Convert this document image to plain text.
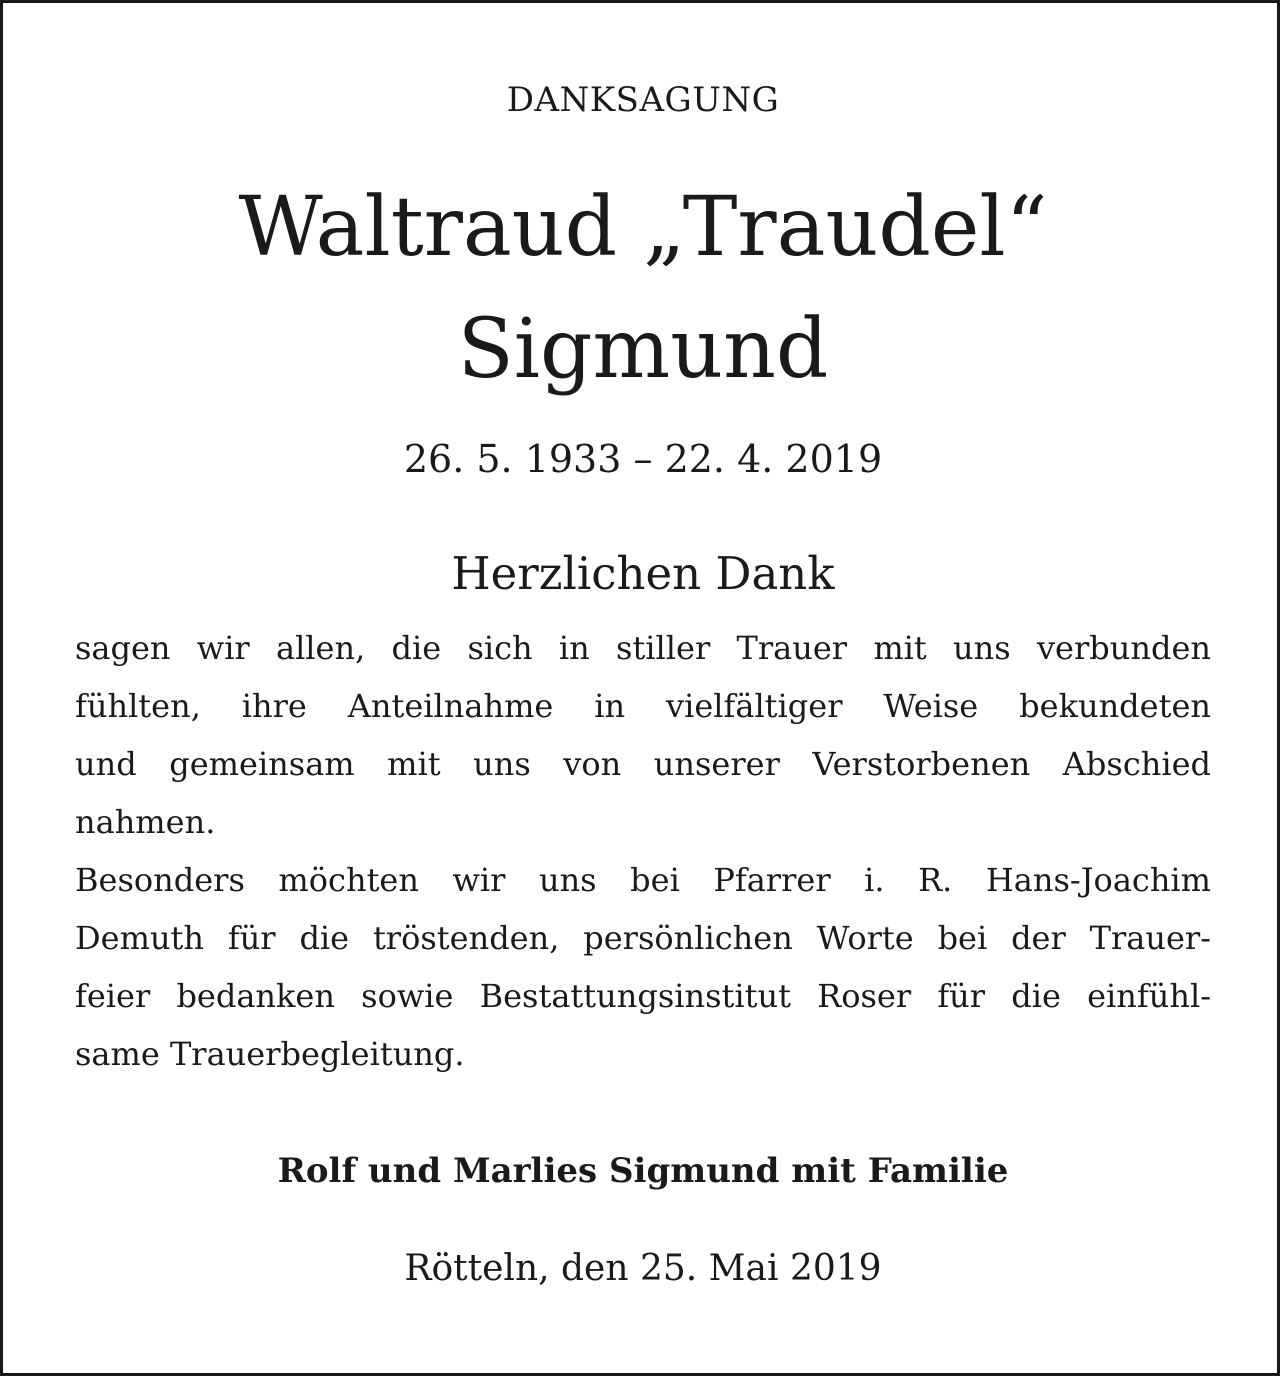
DANKSAGUNG
Waltraud „Traudel“
Sigmund
26. 5. 1933 – 22. 4. 2019
Herzlichen Dank
sagen wir allen, die sich in stiller Trauer mit uns verbunden
fühlten, ihre Anteilnahme in vielfältiger Weise bekundeten
und gemeinsam mit uns von unserer Verstorbenen Abschied
nahmen.
Besonders möchten wir uns bei Pfarrer i. R. Hans-Joachim
Demuth für die tröstenden, persönlichen Worte bei der Trauer-
feier bedanken sowie Bestattungsinstitut Roser für die einfühl-
same Trauerbegleitung.
Rolf und Marlies Sigmund mit Familie
Rötteln, den 25. Mai 2019
